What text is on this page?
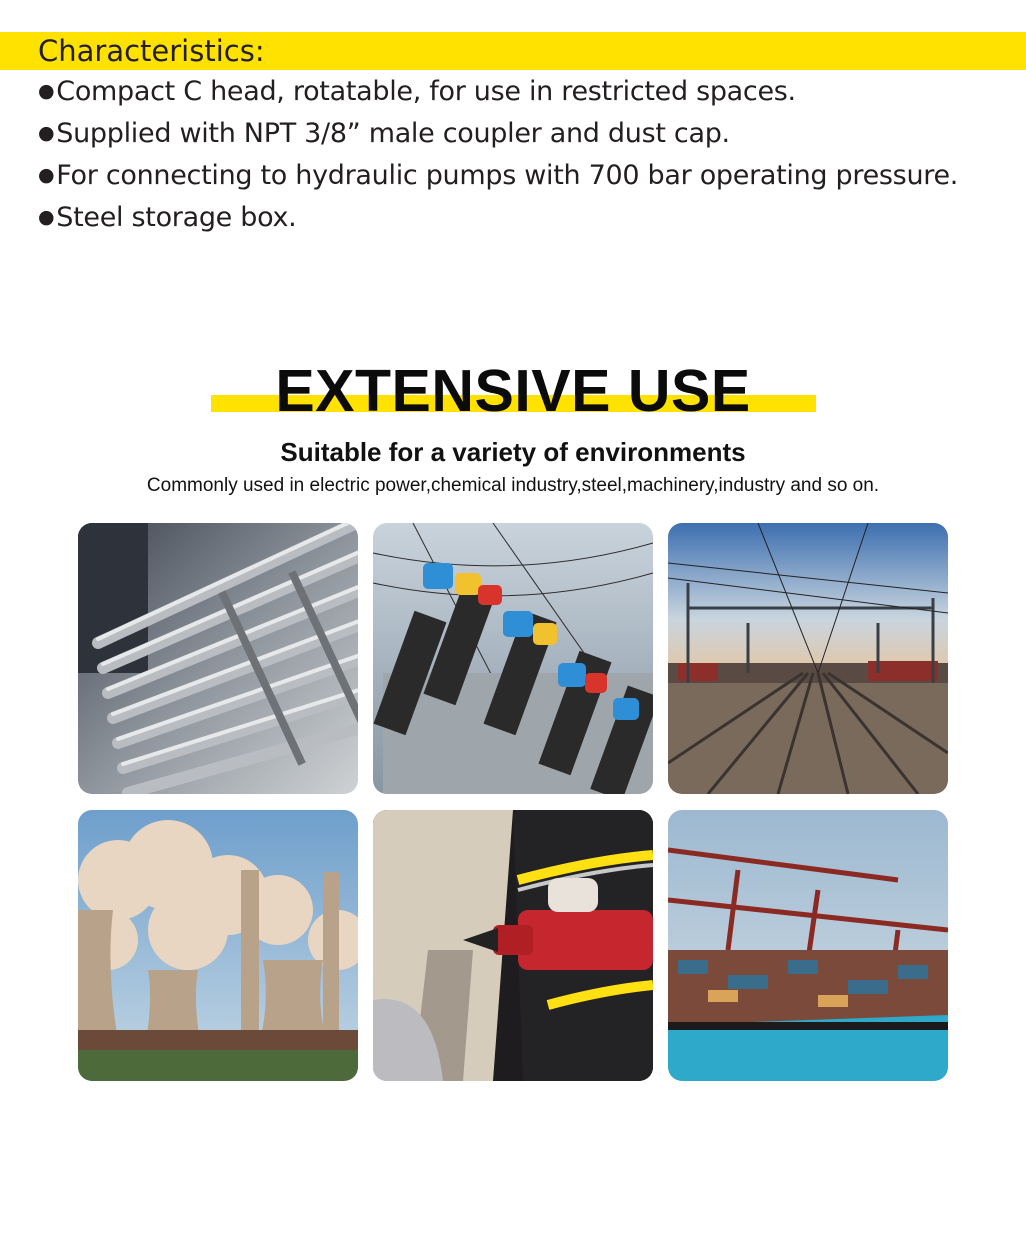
Characteristics:
● Compact C head, rotatable, for use in restricted spaces.
● Supplied with NPT 3/8” male coupler and dust cap.
● For connecting to hydraulic pumps with 700 bar operating pressure.
● Steel storage box.
EXTENSIVE USE

Suitable for a variety of environments

Commonly used in electric power,chemical industry,steel,machinery,industry and so on.
